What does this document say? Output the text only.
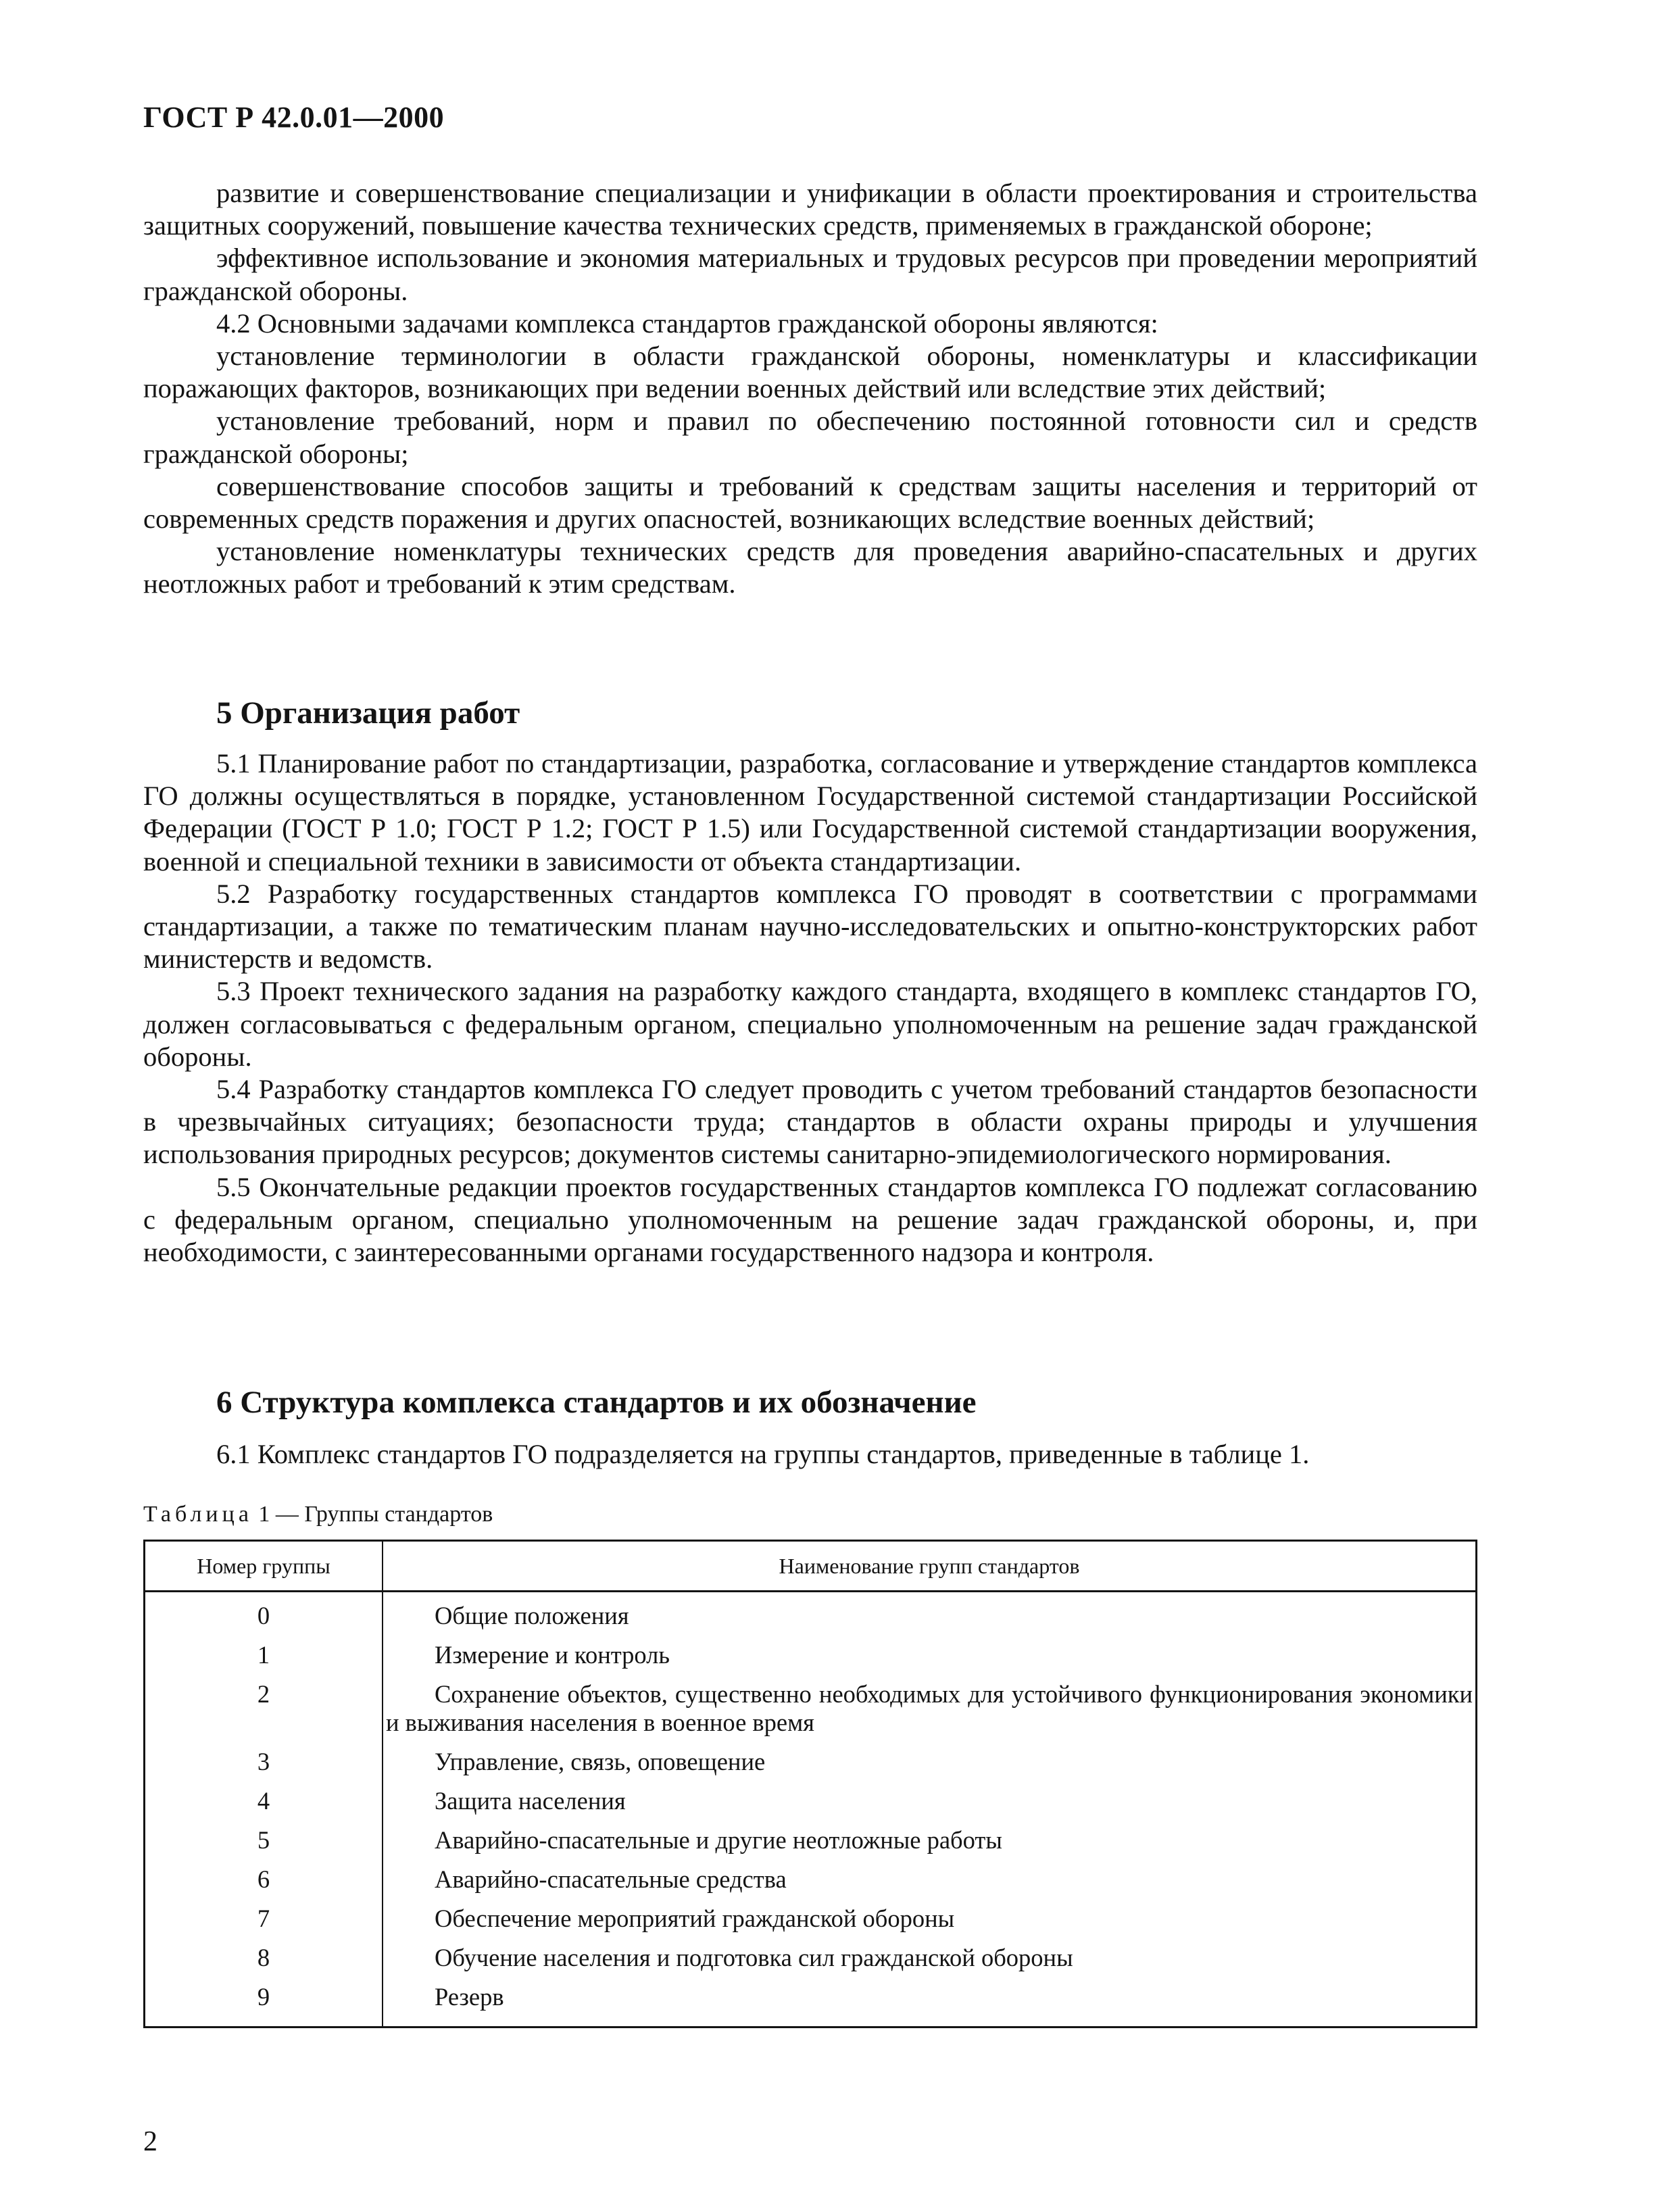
ГОСТ Р 42.0.01—2000

развитие и совершенствование специализации и унификации в области проектирования и строительства защитных сооружений, повышение качества технических средств, применяемых в гражданской обороне;

эффективное использование и экономия материальных и трудовых ресурсов при проведении мероприятий гражданской обороны.

4.2 Основными задачами комплекса стандартов гражданской обороны являются:

установление терминологии в области гражданской обороны, номенклатуры и классификации поражающих факторов, возникающих при ведении военных действий или вследствие этих действий;

установление требований, норм и правил по обеспечению постоянной готовности сил и средств гражданской обороны;

совершенствование способов защиты и требований к средствам защиты населения и территорий от современных средств поражения и других опасностей, возникающих вследствие военных действий;

установление номенклатуры технических средств для проведения аварийно-спасательных и других неотложных работ и требований к этим средствам.

5 Организация работ

5.1 Планирование работ по стандартизации, разработка, согласование и утверждение стандартов комплекса ГО должны осуществляться в порядке, установленном Государственной системой стандартизации Российской Федерации (ГОСТ Р 1.0; ГОСТ Р 1.2; ГОСТ Р 1.5) или Государственной системой стандартизации вооружения, военной и специальной техники в зависимости от объекта стандартизации.

5.2 Разработку государственных стандартов комплекса ГО проводят в соответствии с программами стандартизации, а также по тематическим планам научно-исследовательских и опытно-конструкторских работ министерств и ведомств.

5.3 Проект технического задания на разработку каждого стандарта, входящего в комплекс стандартов ГО, должен согласовываться с федеральным органом, специально уполномоченным на решение задач гражданской обороны.

5.4 Разработку стандартов комплекса ГО следует проводить с учетом требований стандартов безопасности в чрезвычайных ситуациях; безопасности труда; стандартов в области охраны природы и улучшения использования природных ресурсов; документов системы санитарно-эпидемиологического нормирования.

5.5 Окончательные редакции проектов государственных стандартов комплекса ГО подлежат согласованию с федеральным органом, специально уполномоченным на решение задач гражданской обороны, и, при необходимости, с заинтересованными органами государственного надзора и контроля.

6 Структура комплекса стандартов и их обозначение

6.1 Комплекс стандартов ГО подразделяется на группы стандартов, приведенные в таблице 1.

Таблица 1 — Группы стандартов
Номер группы	Наименование групп стандартов
0	Общие положения
1	Измерение и контроль
2	Сохранение объектов, существенно необходимых для устойчивого функционирования экономики и выживания населения в военное время
3	Управление, связь, оповещение
4	Защита населения
5	Аварийно-спасательные и другие неотложные работы
6	Аварийно-спасательные средства
7	Обеспечение мероприятий гражданской обороны
8	Обучение населения и подготовка сил гражданской обороны
9	Резерв
2
